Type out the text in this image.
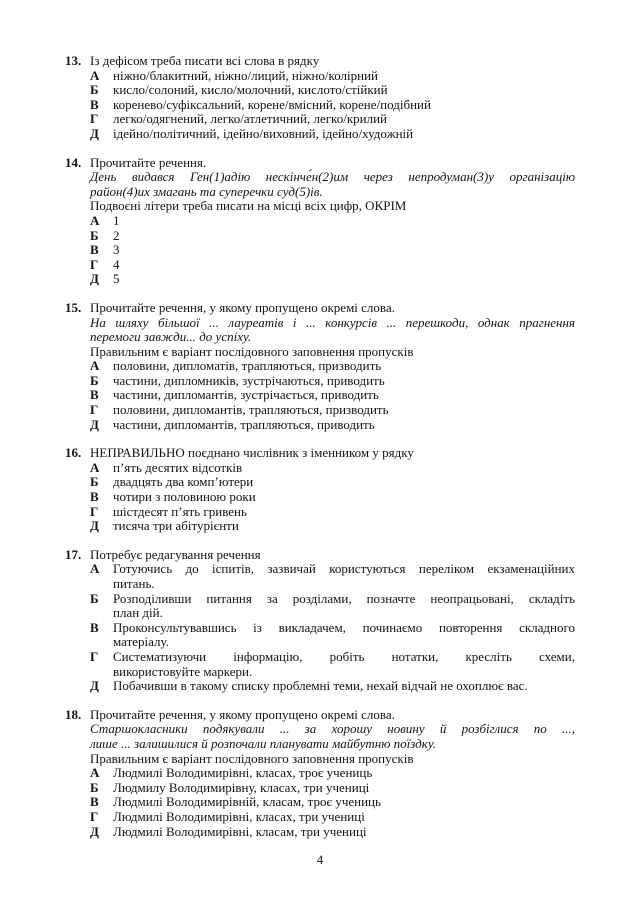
13. Із дефісом треба писати всі слова в рядку
А	ніжно/блакитний, ніжно/лиций, ніжно/колірний
Б	кисло/солоний, кисло/молочний, кислото/стійкий
В	коренево/суфіксальний, корене/вмісний, корене/подібний
Г	легко/одягнений, легко/атлетичний, легко/крилий
Д	ідейно/політичний, ідейно/виховний, ідейно/художній
14. Прочитайте речення.
День видався Ген(1)адію нескінче́н(2)им через непродуман(3)у організацію
район(4)их змагань та суперечки суд(5)ів.
Подвоєні літери треба писати на місці всіх цифр, ОКРІМ
А	1
Б	2
В	3
Г	4
Д	5
15. Прочитайте речення, у якому пропущено окремі слова.
На шляху більшої ... лауреатів і ... конкурсів ... перешкоди, однак прагнення
перемоги завжди... до успіху.
Правильним є варіант послідовного заповнення пропусків
А	половини, дипломатів, трапляються, призводить
Б	частини, дипломників, зустрічаються, приводить
В	частини, дипломантів, зустрічається, приводить
Г	половини, дипломантів, трапляються, призводить
Д	частини, дипломантів, трапляються, приводить
16. НЕПРАВИЛЬНО поєднано числівник з іменником у рядку
А	п’ять десятих відсотків
Б	двадцять два комп’ютери
В	чотири з половиною роки
Г	шістдесят п’ять гривень
Д	тисяча три абітурієнти
17. Потребує редагування речення
А	Готуючись до іспитів, зазвичай користуються переліком екзаменаційних
питань.
Б	Розподіливши питання за розділами, позначте неопрацьовані, складіть
план дій.
В	Проконсультувавшись із викладачем, починаємо повторення складного
матеріалу.
Г	Систематизуючи інформацію, робіть нотатки, кресліть схеми,
використовуйте маркери.
Д	Побачивши в такому списку проблемні теми, нехай відчай не охоплює вас.
18. Прочитайте речення, у якому пропущено окремі слова.
Старшокласники подякували ... за хорошу новину й розбіглися по ...,
лише ... залишилися й розпочали планувати майбутню поїздку.
Правильним є варіант послідовного заповнення пропусків
А	Людмилі Володимирівні, класах, троє учениць
Б	Людмилу Володимирівну, класах, три учениці
В	Людмилі Володимирівній, класам, троє учениць
Г	Людмилі Володимирівні, класах, три учениці
Д	Людмилі Володимирівні, класам, три учениці
4
